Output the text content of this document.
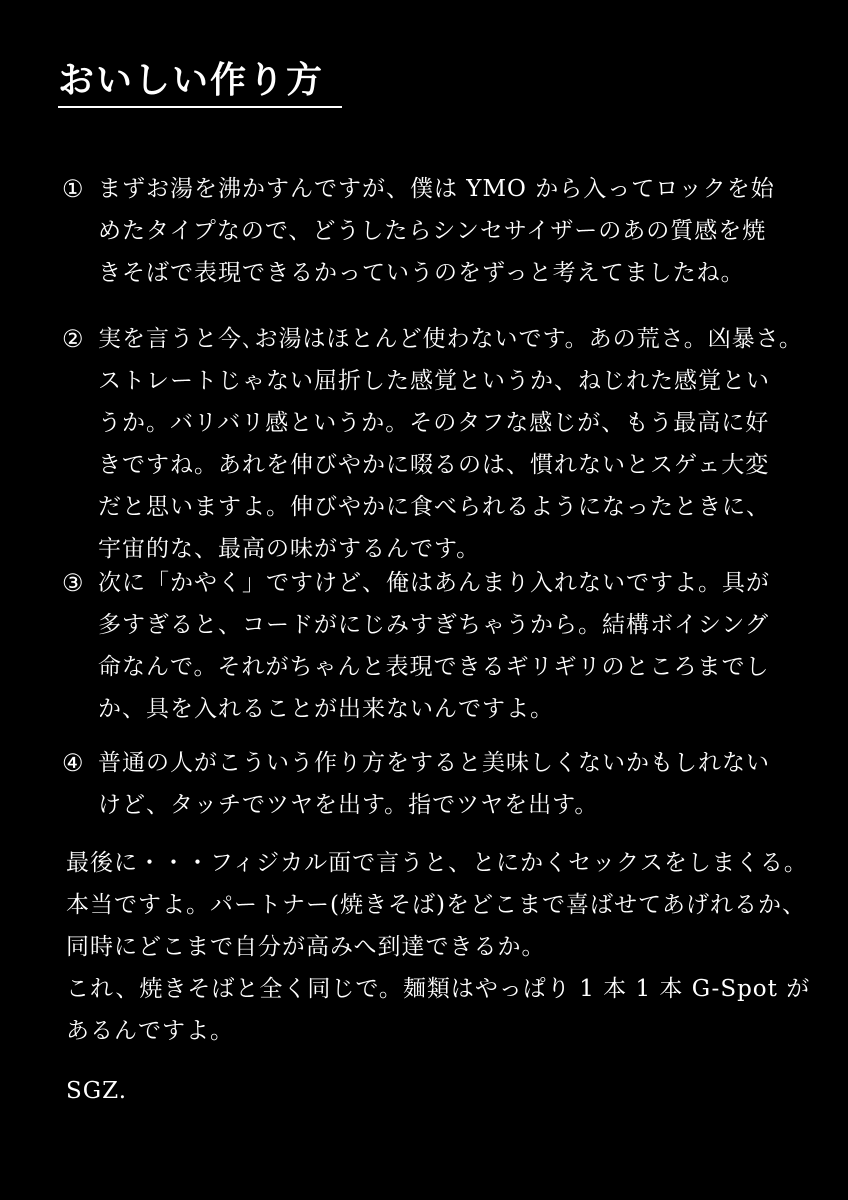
おいしい作り方
① まずお湯を沸かすんですが、僕は YMO から入ってロックを始
めたタイプなので、どうしたらシンセサイザーのあの質感を焼
きそばで表現できるかっていうのをずっと考えてましたね。
② 実を言うと今､お湯はほとんど使わないです。あの荒さ。凶暴さ。
ストレートじゃない屈折した感覚というか、ねじれた感覚とい
うか。バリバリ感というか。そのタフな感じが、もう最高に好
きですね。あれを伸びやかに啜るのは、慣れないとスゲェ大変
だと思いますよ。伸びやかに食べられるようになったときに、
宇宙的な、最高の味がするんです。
③ 次に「かやく」ですけど、俺はあんまり入れないですよ。具が
多すぎると、コードがにじみすぎちゃうから。結構ボイシング
命なんで。それがちゃんと表現できるギリギリのところまでし
か、具を入れることが出来ないんですよ。
④ 普通の人がこういう作り方をすると美味しくないかもしれない
けど、タッチでツヤを出す。指でツヤを出す。
最後に・・・フィジカル面で言うと、とにかくセックスをしまくる。
本当ですよ。パートナー(焼きそば)をどこまで喜ばせてあげれるか、
同時にどこまで自分が高みへ到達できるか。
これ、焼きそばと全く同じで。麺類はやっぱり 1 本 1 本 G-Spot が
あるんですよ。
SGZ.
